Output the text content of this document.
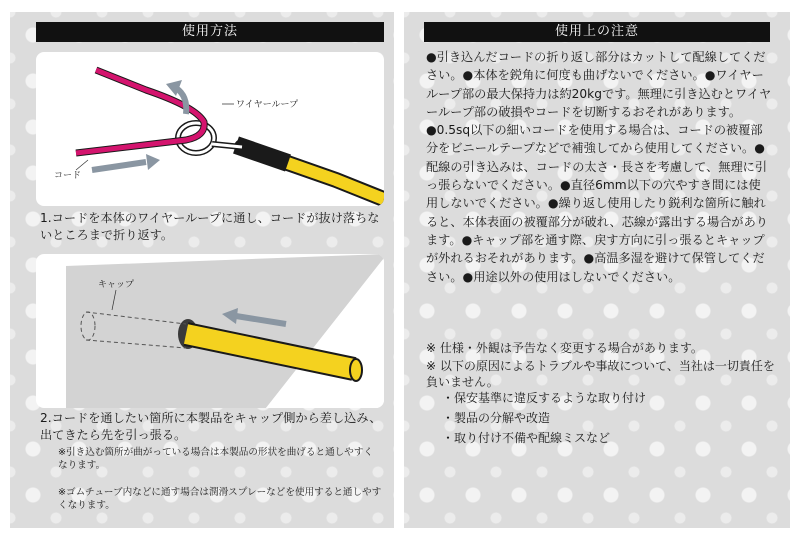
使用方法
ワイヤーループ
コード
1.コードを本体のワイヤーループに通し、コードが抜け落ちないところまで折り返す。
キャップ
2.コードを通したい箇所に本製品をキャップ側から差し込み、出てきたら先を引っ張る。
※引き込む箇所が曲がっている場合は本製品の形状を曲げると通しやすくなります。
※ゴムチューブ内などに通す場合は潤滑スプレーなどを使用すると通しやすくなります。
使用上の注意
●引き込んだコードの折り返し部分はカットして配線してください。●本体を鋭角に何度も曲げないでください。●ワイヤーループ部の最大保持力は約20kgです。無理に引き込むとワイヤーループ部の破損やコードを切断するおそれがあります。●0.5sq以下の細いコードを使用する場合は、コードの被覆部分をビニールテープなどで補強してから使用してください。●配線の引き込みは、コードの太さ・長さを考慮して、無理に引っ張らないでください。●直径6mm以下の穴やすき間には使用しないでください。●繰り返し使用したり鋭利な箇所に触れると、本体表面の被覆部分が破れ、芯線が露出する場合があります。●キャップ部を通す際、戻す方向に引っ張るとキャップが外れるおそれがあります。●高温多湿を避けて保管してください。●用途以外の使用はしないでください。
※ 仕様・外観は予告なく変更する場合があります。
※ 以下の原因によるトラブルや事故について、当社は一切責任を負いません。
・保安基準に違反するような取り付け
・製品の分解や改造
・取り付け不備や配線ミスなど
